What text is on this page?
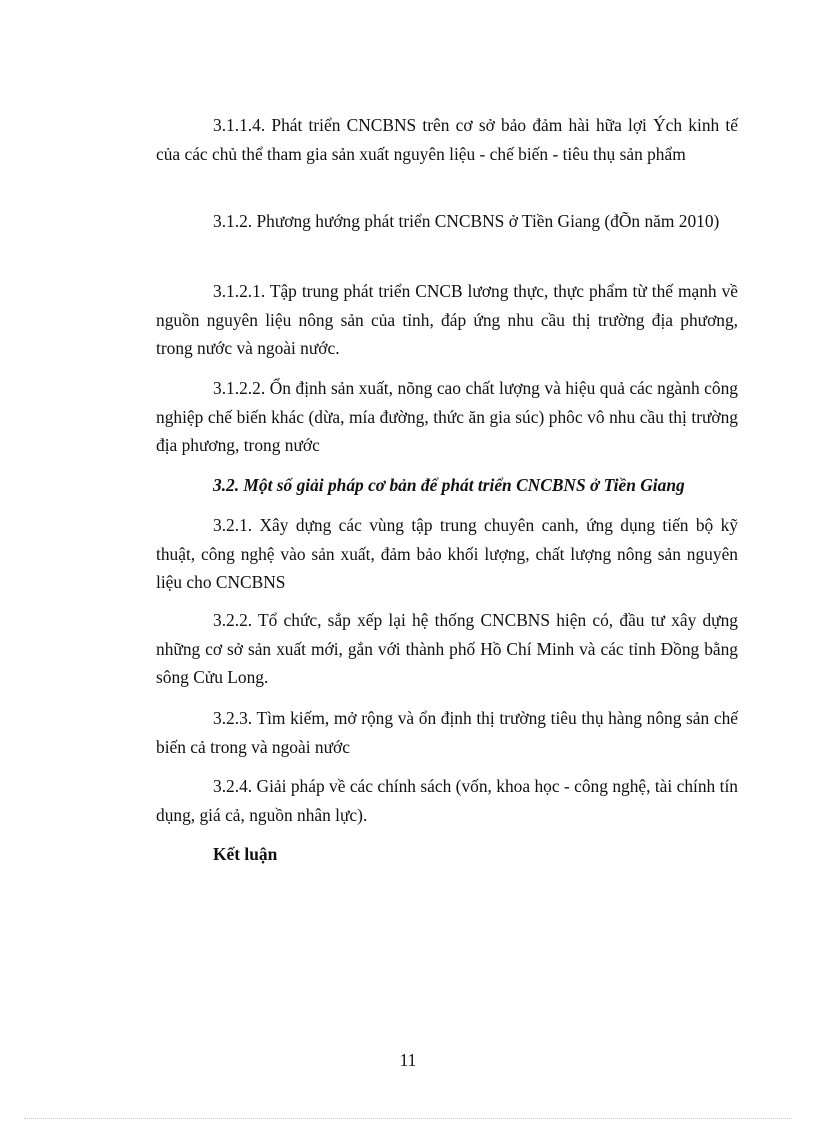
3.1.1.4. Phát triển CNCBNS trên cơ sở bảo đảm hài hữa lợi Ých kinh tế của các chủ thể tham gia sản xuất nguyên liệu - chế biến - tiêu thụ sản phẩm

3.1.2. Phương hướng phát triển CNCBNS ở Tiền Giang (đÕn năm 2010)

3.1.2.1. Tập trung phát triển CNCB lương thực, thực phẩm từ thế mạnh về nguồn nguyên liệu nông sản của tỉnh, đáp ứng nhu cầu thị trường địa phương, trong nước và ngoài nước.

3.1.2.2. Ổn định sản xuất, nõng cao chất lượng và hiệu quả các ngành công nghiệp chế biến khác (dừa, mía đường, thức ăn gia súc) phôc vô nhu cầu thị trường địa phương, trong nước

3.2. Một số giải pháp cơ bản để phát triển CNCBNS ở Tiền Giang

3.2.1. Xây dựng các vùng tập trung chuyên canh, ứng dụng tiến bộ kỹ thuật, công nghệ vào sản xuất, đảm bảo khối lượng, chất lượng nông sản nguyên liệu cho CNCBNS

3.2.2. Tổ chức, sắp xếp lại hệ thống CNCBNS hiện có, đầu tư xây dựng những cơ sở sản xuất mới, gắn với thành phố Hồ Chí Minh và các tỉnh Đồng bằng sông Cửu Long.

3.2.3. Tìm kiếm, mở rộng và ổn định thị trường tiêu thụ hàng nông sản chế biến cả trong và ngoài nước

3.2.4. Giải pháp về các chính sách (vốn, khoa học - công nghệ, tài chính tín dụng, giá cả, nguồn nhân lực).

Kết luận

11
